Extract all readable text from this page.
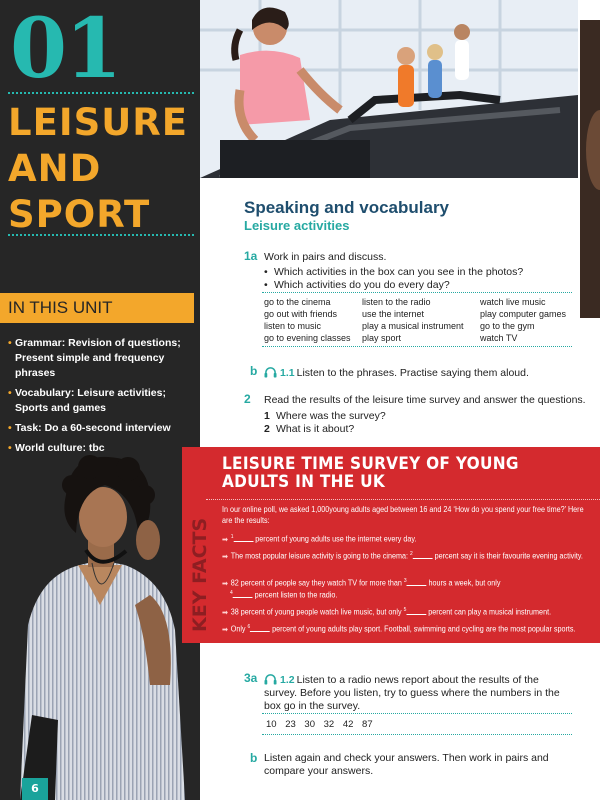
01
LEISURE
AND
SPORT
IN THIS UNIT
• Grammar: Revision of questions; Present simple and frequency phrases
• Vocabulary: Leisure activities; Sports and games
• Task: Do a 60-second interview
• World culture: tbc
6
Speaking and vocabulary
Leisure activities
1a Work in pairs and discuss.
• Which activities in the box can you see in the photos?
• Which activities do you do every day?
go to the cinema	listen to the radio	watch live music
go out with friends	use the internet	play computer games
listen to music	play a musical instrument	go to the gym
go to evening classes	play sport	watch TV
b	1.1 Listen to the phrases. Practise saying them aloud.
2 Read the results of the leisure time survey and answer the questions.
1 Where was the survey?
2 What is it about?
LEISURE TIME SURVEY OF YOUNG
ADULTS IN THE UK
KEY FACTS
In our online poll, we asked 1,000young adults aged between 16 and 24 ‘How do you spend your free time?’ Here are the results:
➡ $^1$	percent of young adults use the internet every day.
➡ The most popular leisure activity is going to the cinema: $^2$	percent say it is their favourite evening activity.
➡ 82 percent of people say they watch TV for more than $^3$	hours a week, but only
$^4$	percent listen to the radio.
➡ 38 percent of young people watch live music, but only $^5$	percent can play a musical instrument.
➡ Only $^6$	percent of young adults play sport. Football, swimming and cycling are the most popular sports.
3a	1.2 Listen to a radio news report about the results of the survey. Before you listen, try to guess where the numbers in the box go in the survey.
10 23 30 32 42 87
b Listen again and check your answers. Then work in pairs and compare your answers.
